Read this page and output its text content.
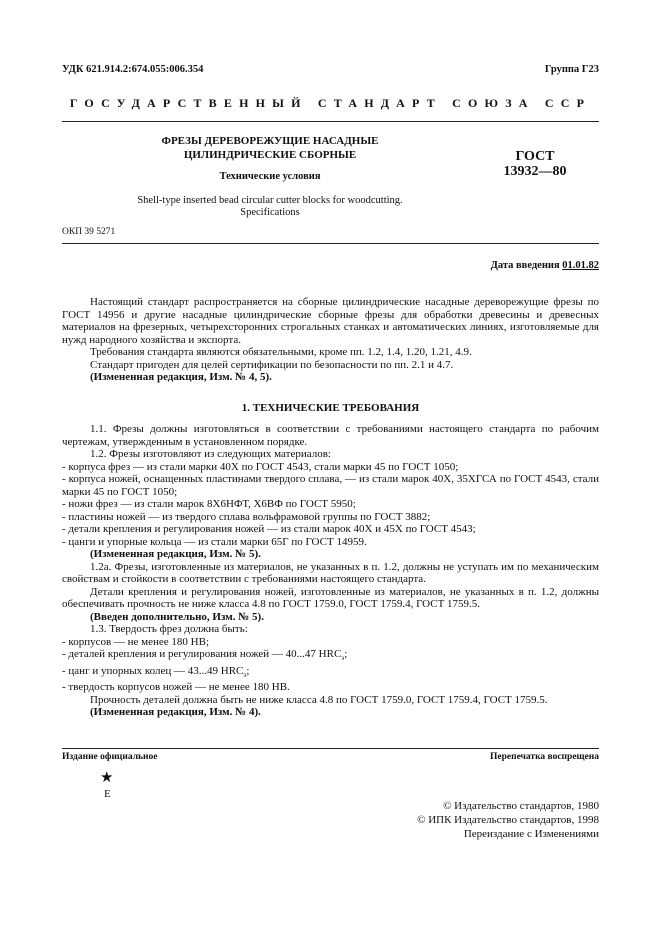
УДК 621.914.2:674.055:006.354	Группа Г23
ГОСУДАРСТВЕННЫЙ СТАНДАРТ СОЮЗА ССР
ФРЕЗЫ ДЕРЕВОРЕЖУЩИЕ НАСАДНЫЕ
ЦИЛИНДРИЧЕСКИЕ СБОРНЫЕ
Технические условия
Shell-type inserted bead circular cutter blocks for woodcutting.
Specifications
ГОСТ
13932—80
ОКП 39 5271
Дата введения 01.01.82

Настоящий стандарт распространяется на сборные цилиндрические насадные дереворежущие фрезы по ГОСТ 14956 и другие насадные цилиндрические сборные фрезы для обработки древесины и древесных материалов на фрезерных, четырехсторонних строгальных станках и автоматических линиях, изготовляемые для нужд народного хозяйства и экспорта.

Требования стандарта являются обязательными, кроме пп. 1.2, 1.4, 1.20, 1.21, 4.9.

Стандарт пригоден для целей сертификации по безопасности по пп. 2.1 и 4.7.

(Измененная редакция, Изм. № 4, 5).

1. ТЕХНИЧЕСКИЕ ТРЕБОВАНИЯ

1.1. Фрезы должны изготовляться в соответствии с требованиями настоящего стандарта по рабочим чертежам, утвержденным в установленном порядке.

1.2. Фрезы изготовляют из следующих материалов:

- корпуса фрез — из стали марки 40Х по ГОСТ 4543, стали марки 45 по ГОСТ 1050;

- корпуса ножей, оснащенных пластинами твердого сплава, — из стали марок 40Х, 35ХГСА по ГОСТ 4543, стали марки 45 по ГОСТ 1050;

- ножи фрез — из стали марок 8Х6НФТ, Х6ВФ по ГОСТ 5950;

- пластины ножей — из твердого сплава вольфрамовой группы по ГОСТ 3882;

- детали крепления и регулирования ножей — из стали марок 40Х и 45Х по ГОСТ 4543;

- цанги и упорные кольца — из стали марки 65Г по ГОСТ 14959.

(Измененная редакция, Изм. № 5).

1.2а. Фрезы, изготовленные из материалов, не указанных в п. 1.2, должны не уступать им по механическим свойствам и стойкости в соответствии с требованиями настоящего стандарта.

Детали крепления и регулирования ножей, изготовленные из материалов, не указанных в п. 1.2, должны обеспечивать прочность не ниже класса 4.8 по ГОСТ 1759.0, ГОСТ 1759.4, ГОСТ 1759.5.

(Введен дополнительно, Изм. № 5).

1.3. Твердость фрез должна быть:

- корпусов — не менее 180 НВ;

- деталей крепления и регулирования ножей — 40...47 $HRC_э$;

- цанг и упорных колец — 43...49 $HRC_э$;

- твердость корпусов ножей — не менее 180 НВ.

Прочность деталей должна быть не ниже класса 4.8 по ГОСТ 1759.0, ГОСТ 1759.4, ГОСТ 1759.5.

(Измененная редакция, Изм. № 4).

Издание официальное	Перепечатка воспрещена
★
Е
© Издательство стандартов, 1980
© ИПК Издательство стандартов, 1998
Переиздание с Изменениями
